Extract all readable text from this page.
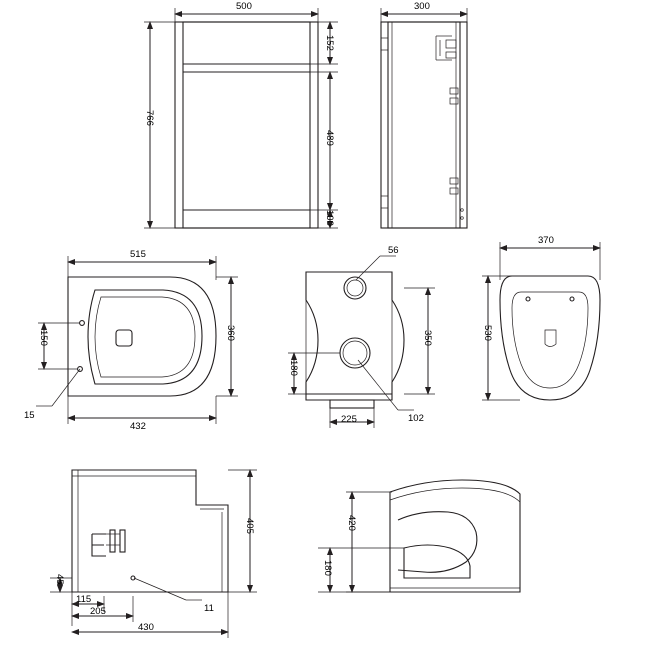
500	300
766
152
489
100
515
432
360
150
15
56
102
350
180
225
370
530
405
45
115
205
430
11
420
180
